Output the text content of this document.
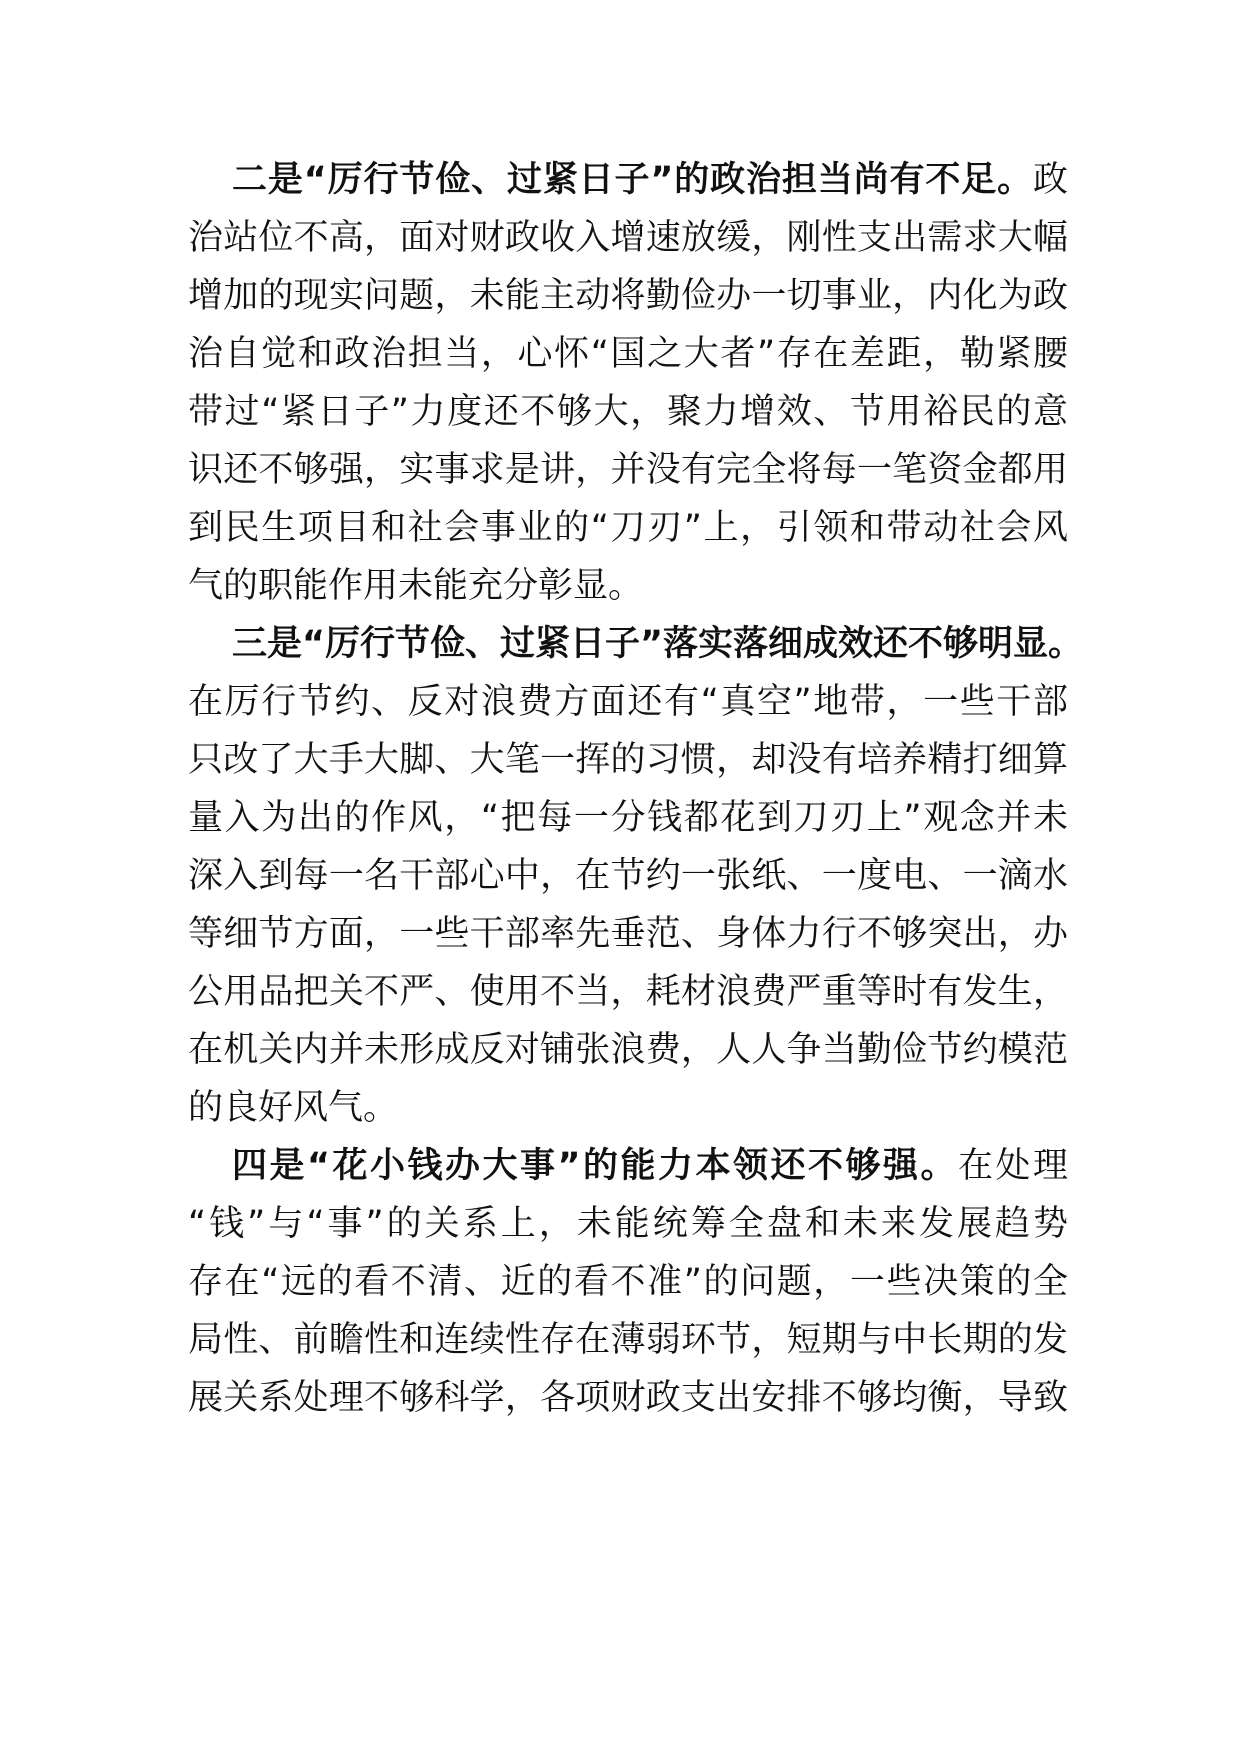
二是“厉行节俭、过紧日子”的政治担当尚有不足。政
治站位不高，面对财政收入增速放缓，刚性支出需求大幅
增加的现实问题，未能主动将勤俭办一切事业，内化为政
治自觉和政治担当，心怀“国之大者”存在差距，勒紧腰
带过“紧日子”力度还不够大，聚力增效、节用裕民的意
识还不够强，实事求是讲，并没有完全将每一笔资金都用
到民生项目和社会事业的“刀刃”上，引领和带动社会风
气的职能作用未能充分彰显。
三是“厉行节俭、过紧日子”落实落细成效还不够明显。
在厉行节约、反对浪费方面还有“真空”地带，一些干部
只改了大手大脚、大笔一挥的习惯，却没有培养精打细算
量入为出的作风，“把每一分钱都花到刀刃上”观念并未
深入到每一名干部心中，在节约一张纸、一度电、一滴水
等细节方面，一些干部率先垂范、身体力行不够突出，办
公用品把关不严、使用不当，耗材浪费严重等时有发生，
在机关内并未形成反对铺张浪费，人人争当勤俭节约模范
的良好风气。
四是“花小钱办大事”的能力本领还不够强。在处理
“钱”与“事”的关系上，未能统筹全盘和未来发展趋势
存在“远的看不清、近的看不准”的问题，一些决策的全
局性、前瞻性和连续性存在薄弱环节，短期与中长期的发
展关系处理不够科学，各项财政支出安排不够均衡，导致
